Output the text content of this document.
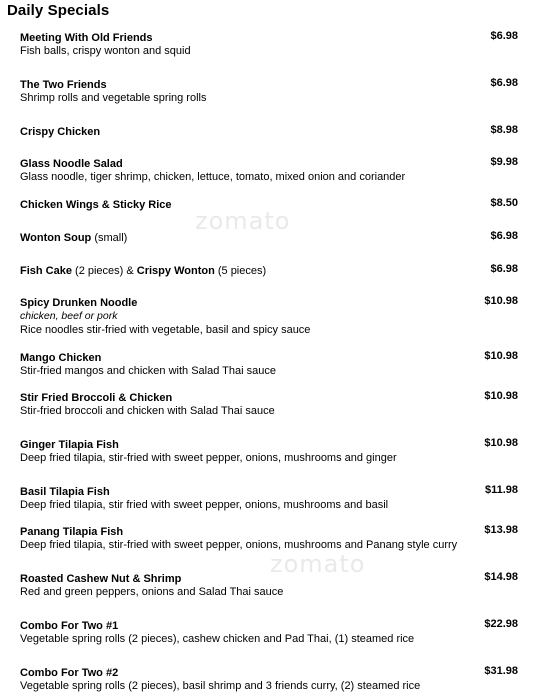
Daily Specials
zomato
zomato
Meeting With Old Friends	$6.98
Fish balls, crispy wonton and squid
The Two Friends	$6.98
Shrimp rolls and vegetable spring rolls
Crispy Chicken	$8.98
Glass Noodle Salad	$9.98
Glass noodle, tiger shrimp, chicken, lettuce, tomato, mixed onion and coriander
Chicken Wings & Sticky Rice	$8.50
Wonton Soup (small)	$6.98
Fish Cake (2 pieces) & Crispy Wonton (5 pieces)	$6.98
Spicy Drunken Noodle	$10.98
chicken, beef or pork
Rice noodles stir-fried with vegetable, basil and spicy sauce
Mango Chicken	$10.98
Stir-fried mangos and chicken with Salad Thai sauce
Stir Fried Broccoli & Chicken	$10.98
Stir-fried broccoli and chicken with Salad Thai sauce
Ginger Tilapia Fish	$10.98
Deep fried tilapia, stir-fried with sweet pepper, onions, mushrooms and ginger
Basil Tilapia Fish	$11.98
Deep fried tilapia, stir fried with sweet pepper, onions, mushrooms and basil
Panang Tilapia Fish	$13.98
Deep fried tilapia, stir-fried with sweet pepper, onions, mushrooms and Panang style curry
Roasted Cashew Nut & Shrimp	$14.98
Red and green peppers, onions and Salad Thai sauce
Combo For Two #1	$22.98
Vegetable spring rolls (2 pieces), cashew chicken and Pad Thai, (1) steamed rice
Combo For Two #2	$31.98
Vegetable spring rolls (2 pieces), basil shrimp and 3 friends curry, (2) steamed rice
